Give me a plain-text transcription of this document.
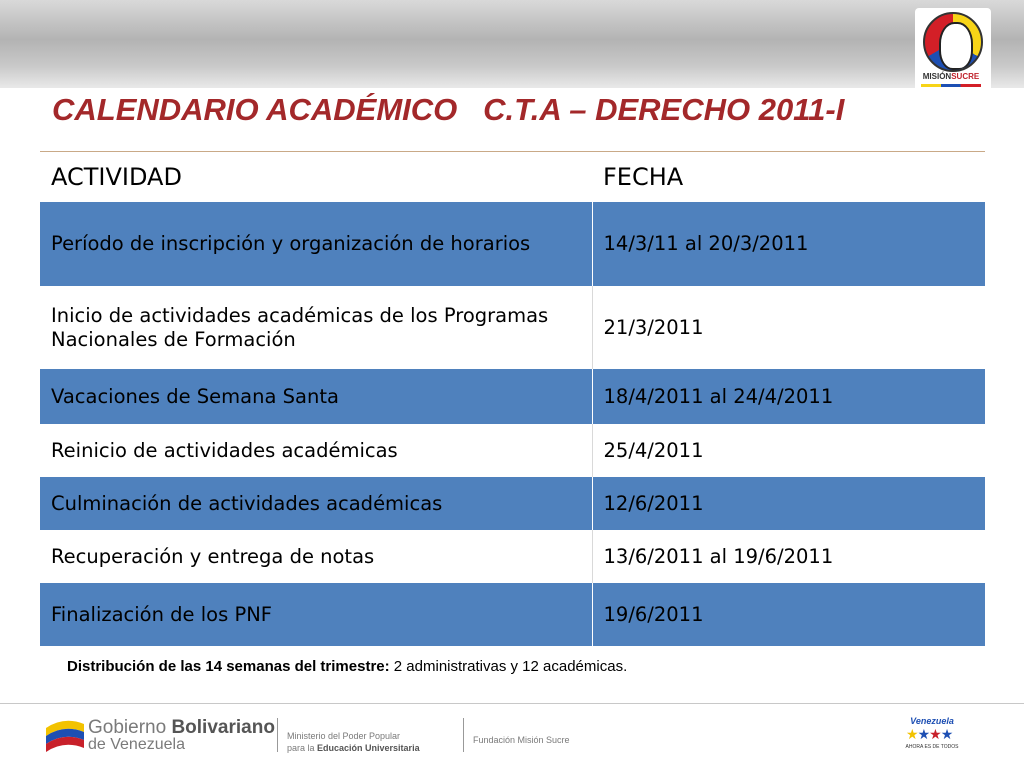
MISIÓNSUCRE
CALENDARIO ACADÉMICO   C.T.A – DERECHO 2011-I
ACTIVIDAD	FECHA
Período de inscripción y organización de horarios	14/3/11 al 20/3/2011
Inicio de actividades académicas de los Programas Nacionales de Formación	21/3/2011
Vacaciones de Semana Santa	18/4/2011 al 24/4/2011
Reinicio de actividades académicas	25/4/2011
Culminación de actividades académicas	12/6/2011
Recuperación y entrega de notas	13/6/2011 al 19/6/2011
Finalización de los PNF	19/6/2011
Distribución de las 14 semanas del trimestre: 2 administrativas y 12 académicas.
Gobierno Bolivariano
de Venezuela	Ministerio del Poder Popular
para la Educación Universitaria
Fundación Misión Sucre
Venezuela
★★★★
AHORA ES DE TODOS
